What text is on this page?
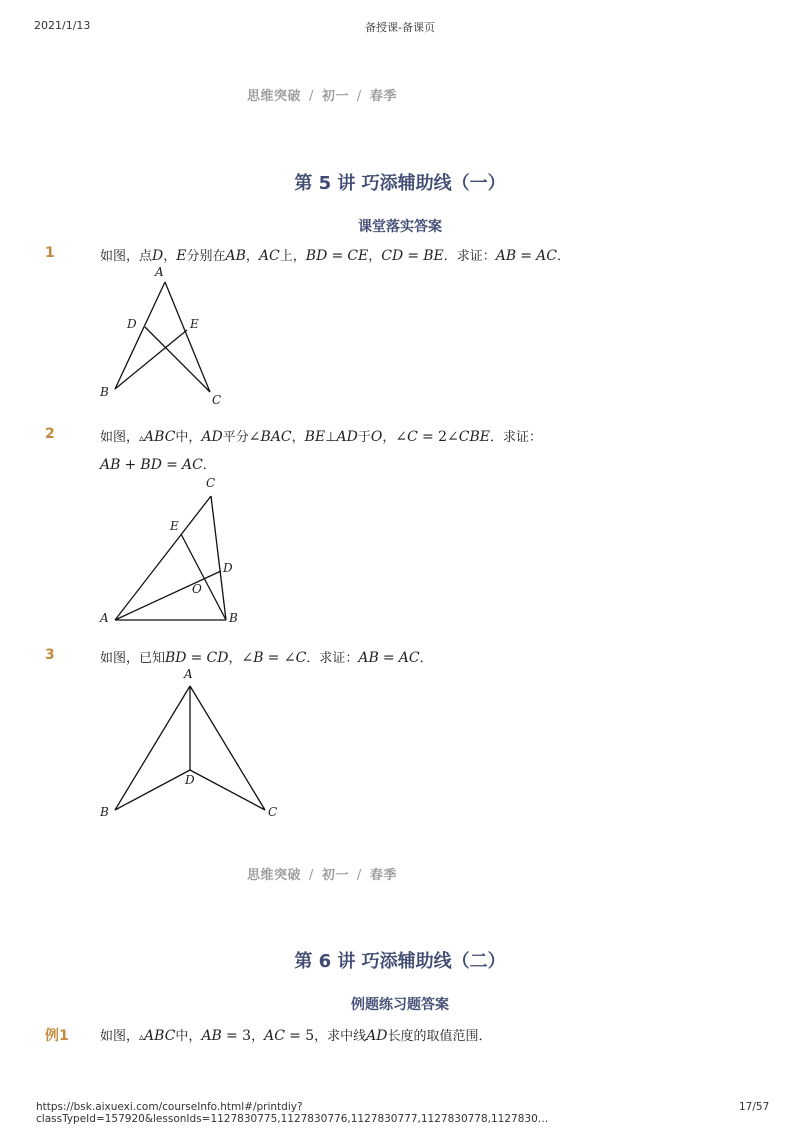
2021/1/13	备授课-备课页
思维突破 / 初一 / 春季
第 5 讲 巧添辅助线（一）
课堂落实答案
1	如图，点D，E分别在AB，AC上，BD = CE，CD = BE．求证：AB = AC．
A
D	E
B
C
2	如图，▵ABC中，AD平分∠BAC，BE⊥AD于O，∠C = 2∠CBE．求证：
AB + BD = AC．
C
E
D
O
A	B
3	如图，已知BD = CD，∠B = ∠C．求证：AB = AC．
A
D
B	C
思维突破 / 初一 / 春季
第 6 讲 巧添辅助线（二）
例题练习题答案
例1 如图，▵ABC中，AB = 3，AC = 5，求中线AD长度的取值范围．
https://bsk.aixuexi.com/courseInfo.html#/printdiy?classTypeId=157920&lessonIds=1127830775,1127830776,1127830777,1127830778,1127830…
17/57
